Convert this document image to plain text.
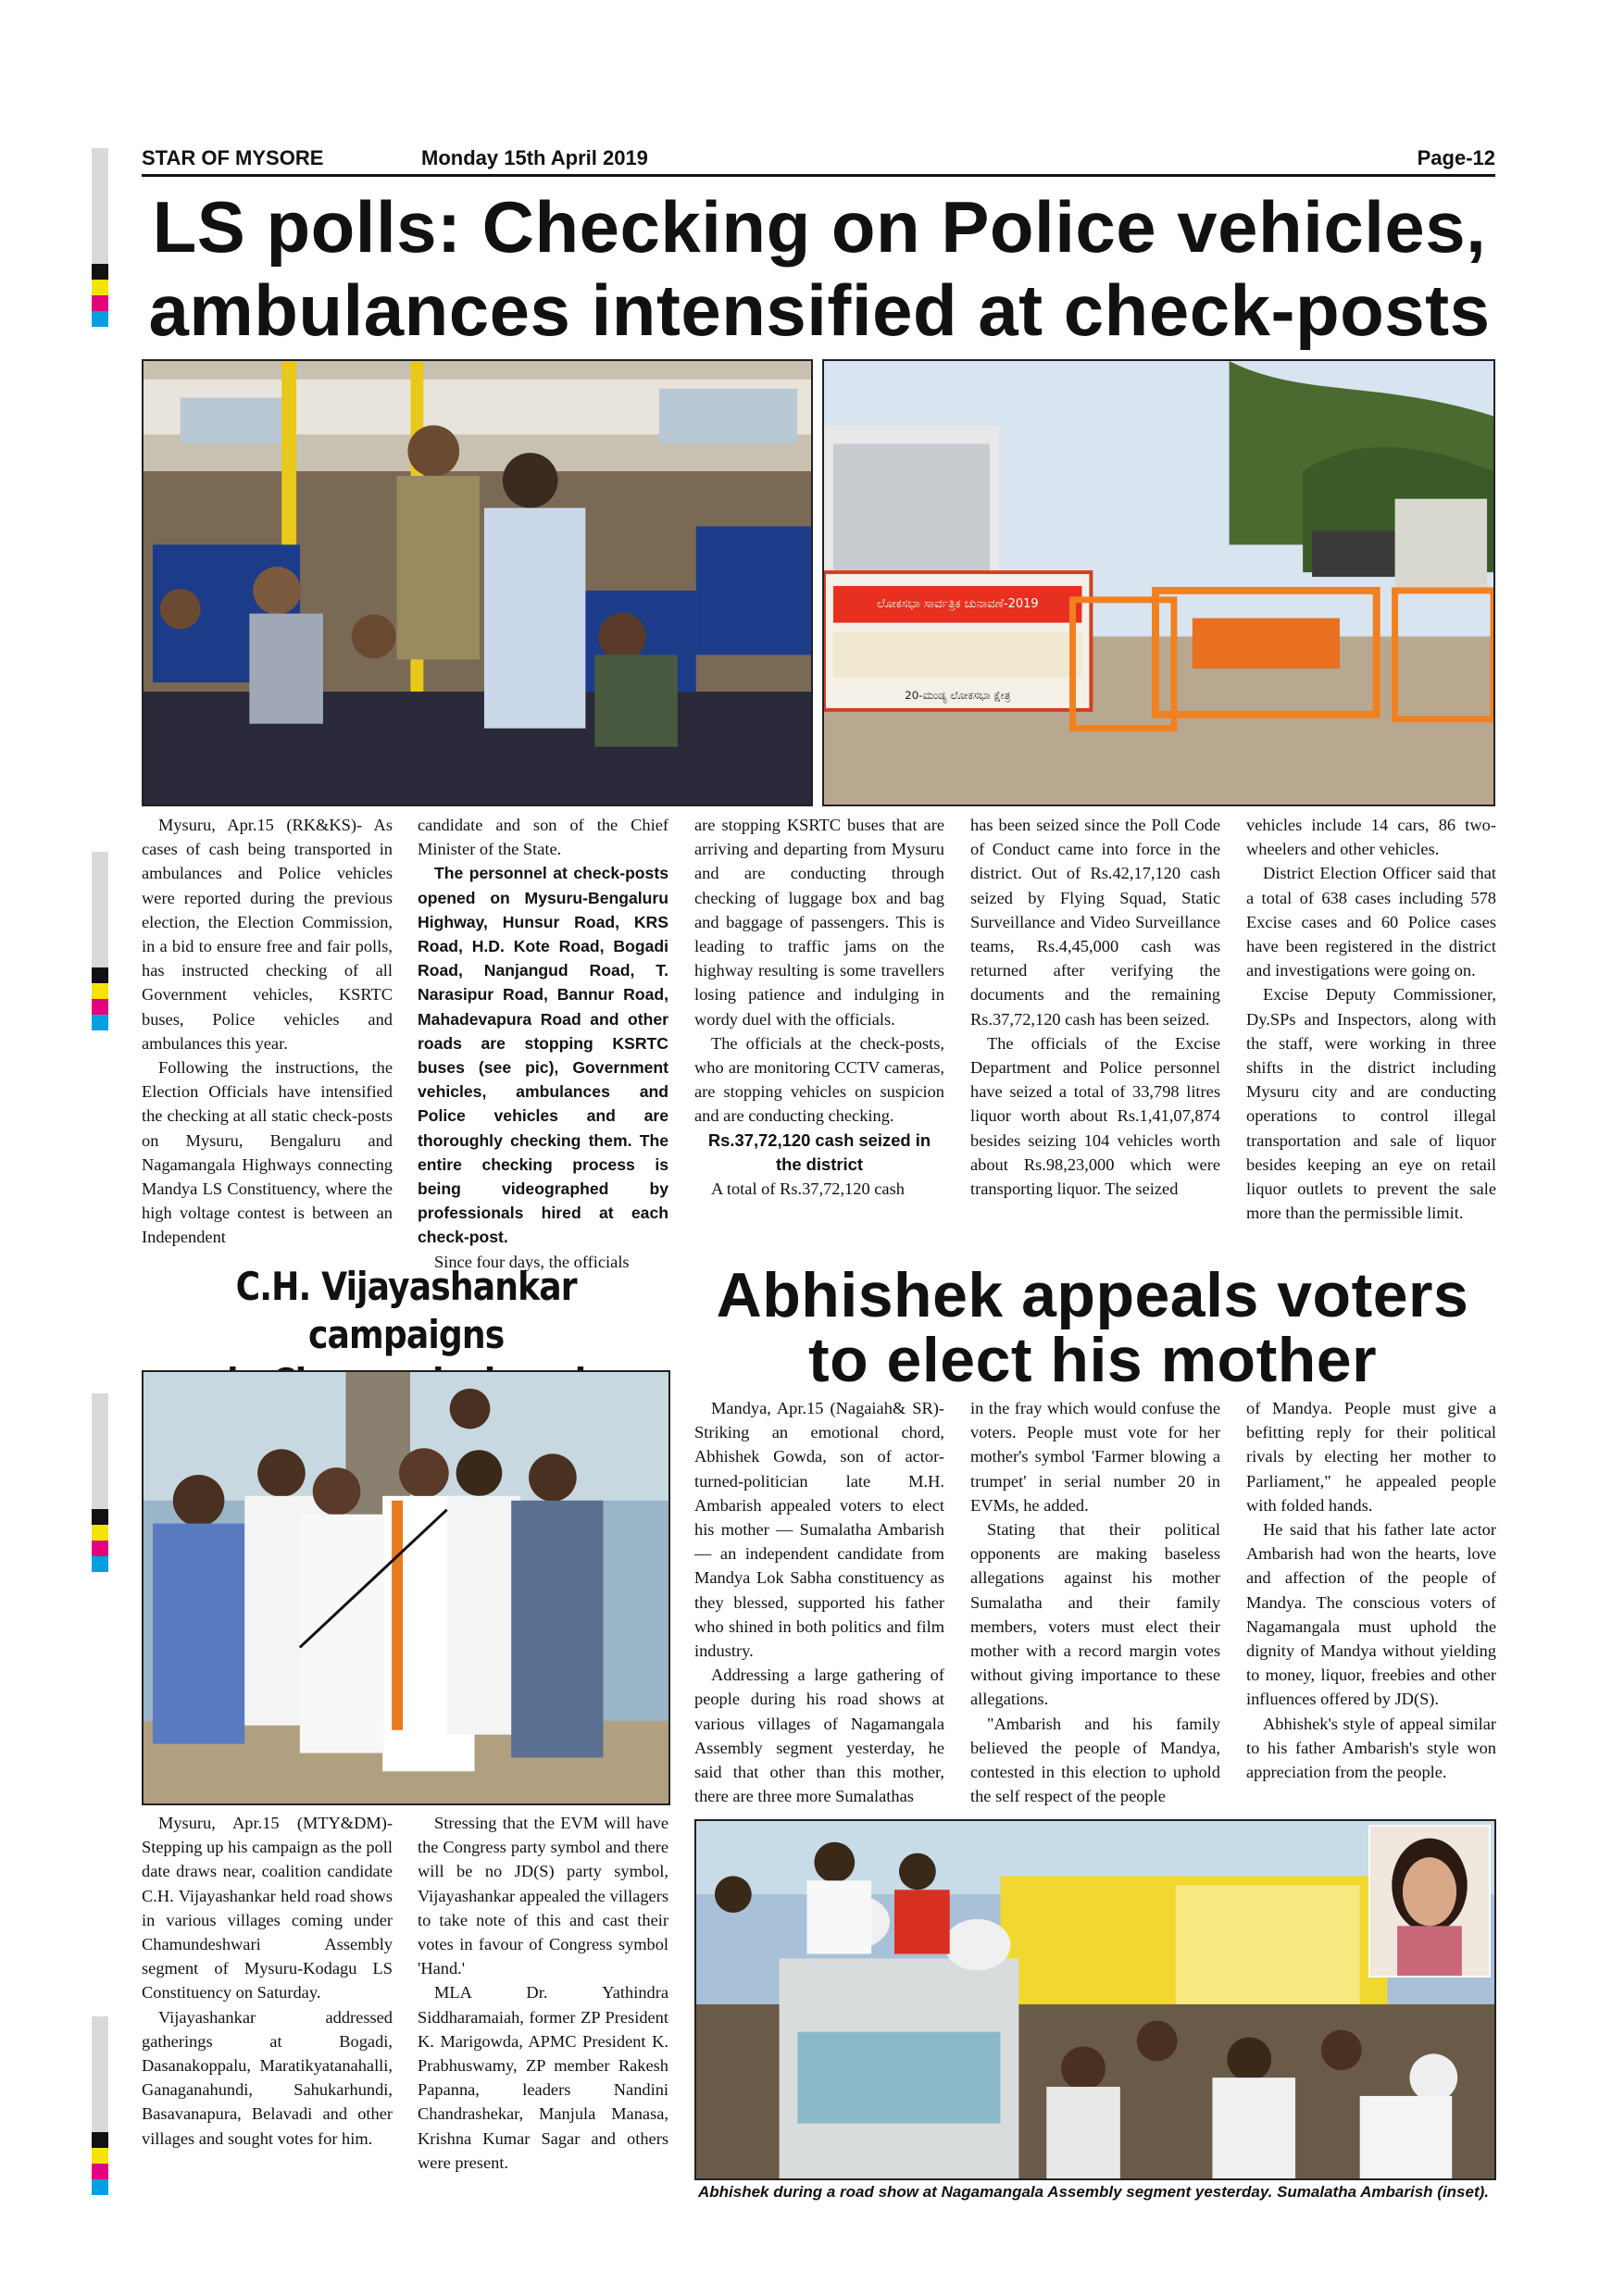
STAR OF MYSORE	Monday 15th April 2019	Page-12
LS polls: Checking on Police vehicles,
ambulances intensified at check-posts
ಲೋಕಸಭಾ ಸಾರ್ವತ್ರಿಕ ಚುನಾವಣೆ-2019
20-ಮಂಡ್ಯ ಲೋಕಸಭಾ ಕ್ಷೇತ್ರ

Mysuru, Apr.15 (RK&KS)- As cases of cash being transported in ambulances and Police vehicles were reported during the previous election, the Election Commission, in a bid to ensure free and fair polls, has instructed checking of all Government vehicles, KSRTC buses, Police vehicles and ambulances this year.

Following the instructions, the Election Officials have intensified the checking at all static check-posts on Mysuru, Bengaluru and Nagamangala Highways connecting Mandya LS Constituency, where the high voltage contest is between an Independent

candidate and son of the Chief Minister of the State.

The personnel at check-posts opened on Mysuru-Bengaluru Highway, Hunsur Road, KRS Road, H.D. Kote Road, Bogadi Road, Nanjangud Road, T. Narasipur Road, Bannur Road, Mahadevapura Road and other roads are stopping KSRTC buses (see pic), Government vehicles, ambulances and Police vehicles and are thoroughly checking them. The entire checking process is being videographed by professionals hired at each check-post.

Since four days, the officials

are stopping KSRTC buses that are arriving and departing from Mysuru and are conducting through checking of luggage box and bag and baggage of passengers. This is leading to traffic jams on the highway resulting is some travellers losing patience and indulging in wordy duel with the officials.

The officials at the check-posts, who are monitoring CCTV cameras, are stopping vehicles on suspicion and are conducting checking.

Rs.37,72,120 cash seized in the district

A total of Rs.37,72,120 cash

has been seized since the Poll Code of Conduct came into force in the district. Out of Rs.42,17,120 cash seized by Flying Squad, Static Surveillance and Video Surveillance teams, Rs.4,45,000 cash was returned after verifying the documents and the remaining Rs.37,72,120 cash has been seized.

The officials of the Excise Department and Police personnel have seized a total of 33,798 litres liquor worth about Rs.1,41,07,874 besides seizing 104 vehicles worth about Rs.98,23,000 which were transporting liquor. The seized

vehicles include 14 cars, 86 two-wheelers and other vehicles.

District Election Officer said that a total of 638 cases including 578 Excise cases and 60 Police cases have been registered in the district and investigations were going on.

Excise Deputy Commissioner, Dy.SPs and Inspectors, along with the staff, were working in three shifts in the district including Mysuru city and are conducting operations to control illegal transportation and sale of liquor besides keeping an eye on retail liquor outlets to prevent the sale more than the permissible limit.

C.H. Vijayashankar campaigns
Abhishek appeals voters
to elect his mother

Mysuru, Apr.15 (MTY&DM)- Stepping up his campaign as the poll date draws near, coalition candidate C.H. Vijayashankar held road shows in various villages coming under Chamundeshwari Assembly segment of Mysuru-Kodagu LS Constituency on Saturday.

Vijayashankar addressed gatherings at Bogadi, Dasanakoppalu, Maratikyatanahalli, Ganaganahundi, Sahukarhundi, Basavanapura, Belavadi and other villages and sought votes for him.

Stressing that the EVM will have the Congress party symbol and there will be no JD(S) party symbol, Vijayashankar appealed the villagers to take note of this and cast their votes in favour of Congress symbol 'Hand.'

MLA Dr. Yathindra Siddharamaiah, former ZP President K. Marigowda, APMC President K. Prabhuswamy, ZP member Rakesh Papanna, leaders Nandini Chandrashekar, Manjula Manasa, Krishna Kumar Sagar and others were present.

Mandya, Apr.15 (Nagaiah& SR)- Striking an emotional chord, Abhishek Gowda, son of actor-turned-politician late M.H. Ambarish appealed voters to elect his mother — Sumalatha Ambarish — an independent candidate from Mandya Lok Sabha constituency as they blessed, supported his father who shined in both politics and film industry.

Addressing a large gathering of people during his road shows at various villages of Nagamangala Assembly segment yesterday, he said that other than this mother, there are three more Sumalathas

in the fray which would confuse the voters. People must vote for her mother's symbol 'Farmer blowing a trumpet' in serial number 20 in EVMs, he added.

Stating that their political opponents are making baseless allegations against his mother Sumalatha and their family members, voters must elect their mother with a record margin votes without giving importance to these allegations.

"Ambarish and his family believed the people of Mandya, contested in this election to uphold the self respect of the people

of Mandya. People must give a befitting reply for their political rivals by electing her mother to Parliament," he appealed people with folded hands.

He said that his father late actor Ambarish had won the hearts, love and affection of the people of Mandya. The conscious voters of Nagamangala must uphold the dignity of Mandya without yielding to money, liquor, freebies and other influences offered by JD(S).

Abhishek's style of appeal similar to his father Ambarish's style won appreciation from the people.

Abhishek during a road show at Nagamangala Assembly segment yesterday. Sumalatha Ambarish (inset).
